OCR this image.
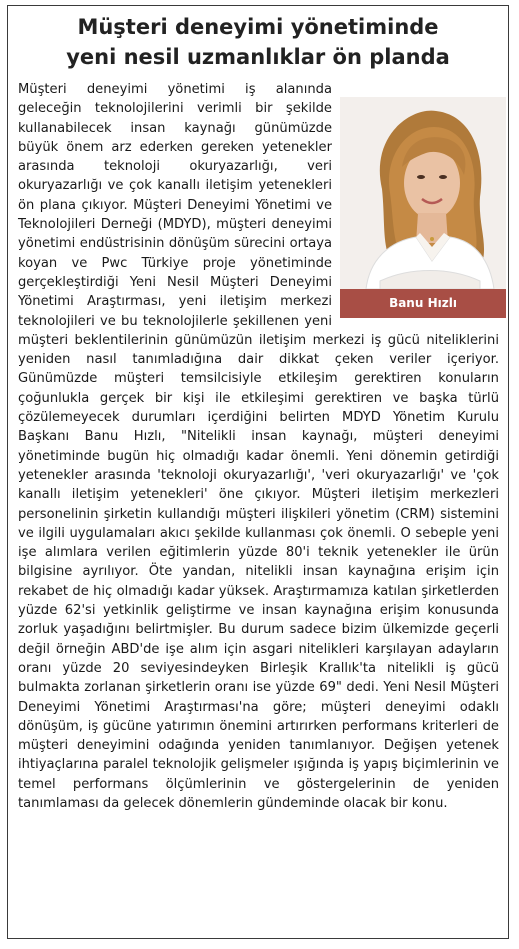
Müşteri deneyimi yönetiminde
yeni nesil uzmanlıklar ön planda
Banu Hızlı

Müşteri deneyimi yönetimi iş alanında geleceğin teknolojilerini verimli bir şekilde kullanabilecek insan kaynağı günümüzde büyük önem arz ederken gereken yetenekler arasında teknoloji okuryazarlığı, veri okuryazarlığı ve çok kanallı iletişim yetenekleri ön plana çıkıyor. Müşteri Deneyimi Yönetimi ve Teknolojileri Derneği (MDYD), müşteri deneyimi yönetimi endüstrisinin dönüşüm sürecini ortaya koyan ve Pwc Türkiye proje yönetiminde gerçekleştirdiği Yeni Nesil Müşteri Deneyimi Yönetimi Araştırması, yeni iletişim merkezi teknolojileri ve bu teknolojilerle şekillenen yeni müşteri beklentilerinin günümüzün iletişim merkezi iş gücü niteliklerini yeniden nasıl tanımladığına dair dikkat çeken veriler içeriyor. Günümüzde müşteri temsilcisiyle etkileşim gerektiren konuların çoğunlukla gerçek bir kişi ile etkileşimi gerektiren ve başka türlü çözülemeyecek durumları içerdiğini belirten MDYD Yönetim Kurulu Başkanı Banu Hızlı, "Nitelikli insan kaynağı, müşteri deneyimi yönetiminde bugün hiç olmadığı kadar önemli. Yeni dönemin getirdiği yetenekler arasında 'teknoloji okuryazarlığı', 'veri okuryazarlığı' ve 'çok kanallı iletişim yetenekleri' öne çıkıyor. Müşteri iletişim merkezleri personelinin şirketin kullandığı müşteri ilişkileri yönetim (CRM) sistemini ve ilgili uygulamaları akıcı şekilde kullanması çok önemli. O sebeple yeni işe alımlara verilen eğitimlerin yüzde 80'i teknik yetenekler ile ürün bilgisine ayrılıyor. Öte yandan, nitelikli insan kaynağına erişim için rekabet de hiç olmadığı kadar yüksek. Araştırmamıza katılan şirketlerden yüzde 62'si yetkinlik geliştirme ve insan kaynağına erişim konusunda zorluk yaşadığını belirtmişler. Bu durum sadece bizim ülkemizde geçerli değil örneğin ABD'de işe alım için asgari nitelikleri karşılayan adayların oranı yüzde 20 seviyesindeyken Birleşik Krallık'ta nitelikli iş gücü bulmakta zorlanan şirketlerin oranı ise yüzde 69" dedi. Yeni Nesil Müşteri Deneyimi Yönetimi Araştırması'na göre; müşteri deneyimi odaklı dönüşüm, iş gücüne yatırımın önemini artırırken performans kriterleri de müşteri deneyimini odağında yeniden tanımlanıyor. Değişen yetenek ihtiyaçlarına paralel teknolojik gelişmeler ışığında iş yapış biçimlerinin ve temel performans ölçümlerinin ve göstergelerinin de yeniden tanımlaması da gelecek dönemlerin gündeminde olacak bir konu.
